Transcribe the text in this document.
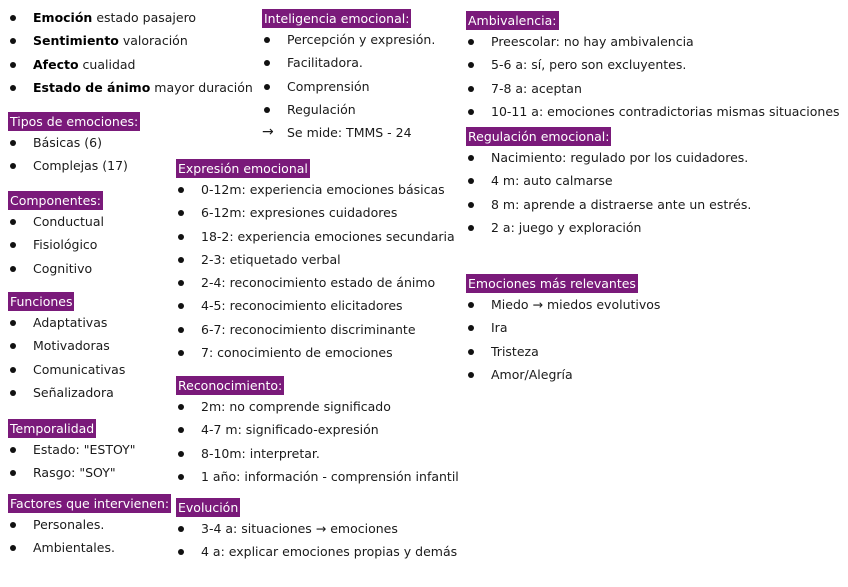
Emoción estado pasajero
Sentimiento valoración
Afecto cualidad
Estado de ánimo mayor duración
Tipos de emociones:
Básicas (6)
Complejas (17)
Componentes:
Conductual
Fisiológico
Cognitivo
Funciones
Adaptativas
Motivadoras
Comunicativas
Señalizadora
Temporalidad
Estado: "ESTOY"
Rasgo: "SOY"
Factores que intervienen:
Personales.
Ambientales.
Inteligencia emocional:
Percepción y expresión.
Facilitadora.
Comprensión
Regulación
→ Se mide: TMMS - 24
Expresión emocional
0-12m: experiencia emociones básicas
6-12m: expresiones cuidadores
18-2: experiencia emociones secundaria
2-3: etiquetado verbal
2-4: reconocimiento estado de ánimo
4-5: reconocimiento elicitadores
6-7: reconocimiento discriminante
7: conocimiento de emociones
Reconocimiento:
2m: no comprende significado
4-7 m: significado-expresión
8-10m: interpretar.
1 año: información - comprensión infantil
Evolución
3-4 a: situaciones → emociones
4 a: explicar emociones propias y demás
Ambivalencia:
Preescolar: no hay ambivalencia
5-6 a: sí, pero son excluyentes.
7-8 a: aceptan
10-11 a: emociones contradictorias mismas situaciones
Regulación emocional:
Nacimiento: regulado por los cuidadores.
4 m: auto calmarse
8 m: aprende a distraerse ante un estrés.
2 a: juego y exploración
Emociones más relevantes
Miedo → miedos evolutivos
Ira
Tristeza
Amor/Alegría
